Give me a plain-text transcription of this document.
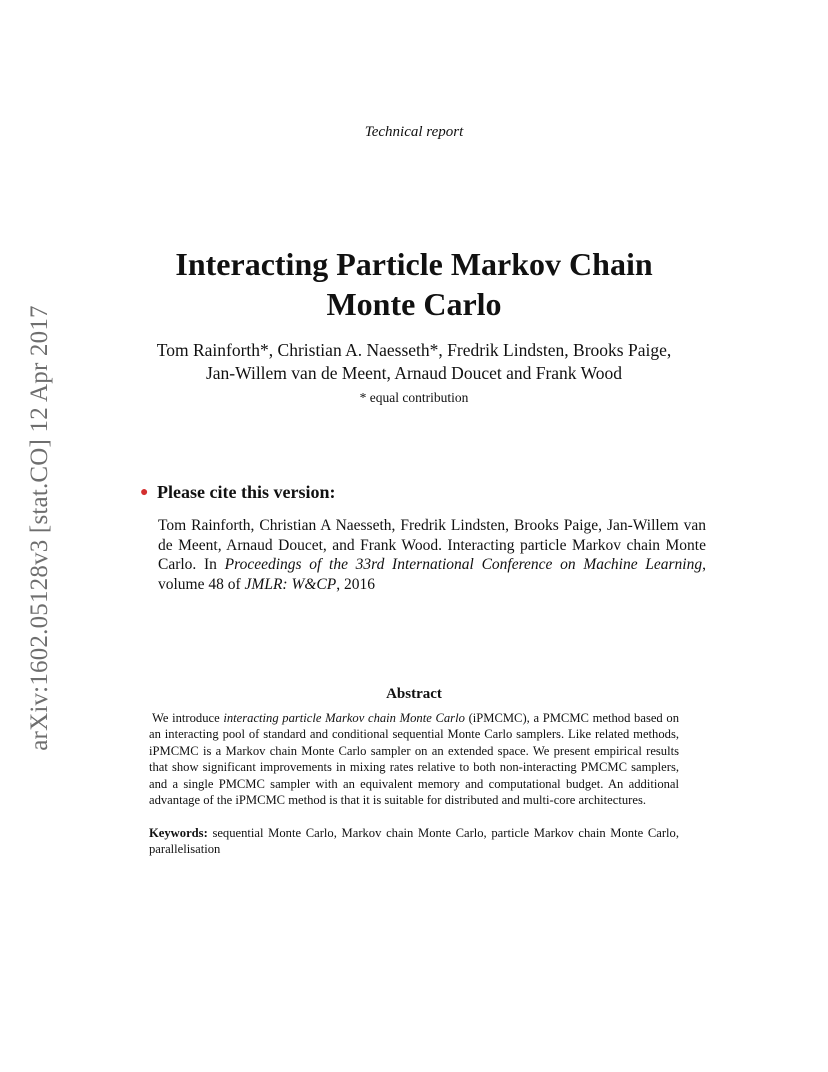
arXiv:1602.05128v3 [stat.CO] 12 Apr 2017
Technical report
Interacting Particle Markov Chain
Monte Carlo
Tom Rainforth*, Christian A. Naesseth*, Fredrik Lindsten, Brooks Paige,
Jan-Willem van de Meent, Arnaud Doucet and Frank Wood
* equal contribution
● Please cite this version:
Tom Rainforth, Christian A Naesseth, Fredrik Lindsten, Brooks Paige, Jan-Willem van de Meent, Arnaud Doucet, and Frank Wood. Interacting particle Markov chain Monte Carlo. In Proceedings of the 33rd International Conference on Machine Learning, volume 48 of JMLR: W&CP, 2016
Abstract
We introduce interacting particle Markov chain Monte Carlo (iPMCMC), a PMCMC method based on an interacting pool of standard and conditional sequential Monte Carlo samplers. Like related methods, iPMCMC is a Markov chain Monte Carlo sampler on an extended space. We present empirical results that show significant improvements in mixing rates relative to both non-interacting PMCMC samplers, and a single PMCMC sampler with an equivalent memory and computational budget. An additional advantage of the iPMCMC method is that it is suitable for distributed and multi-core architectures.
Keywords: sequential Monte Carlo, Markov chain Monte Carlo, particle Markov chain Monte Carlo, parallelisation
